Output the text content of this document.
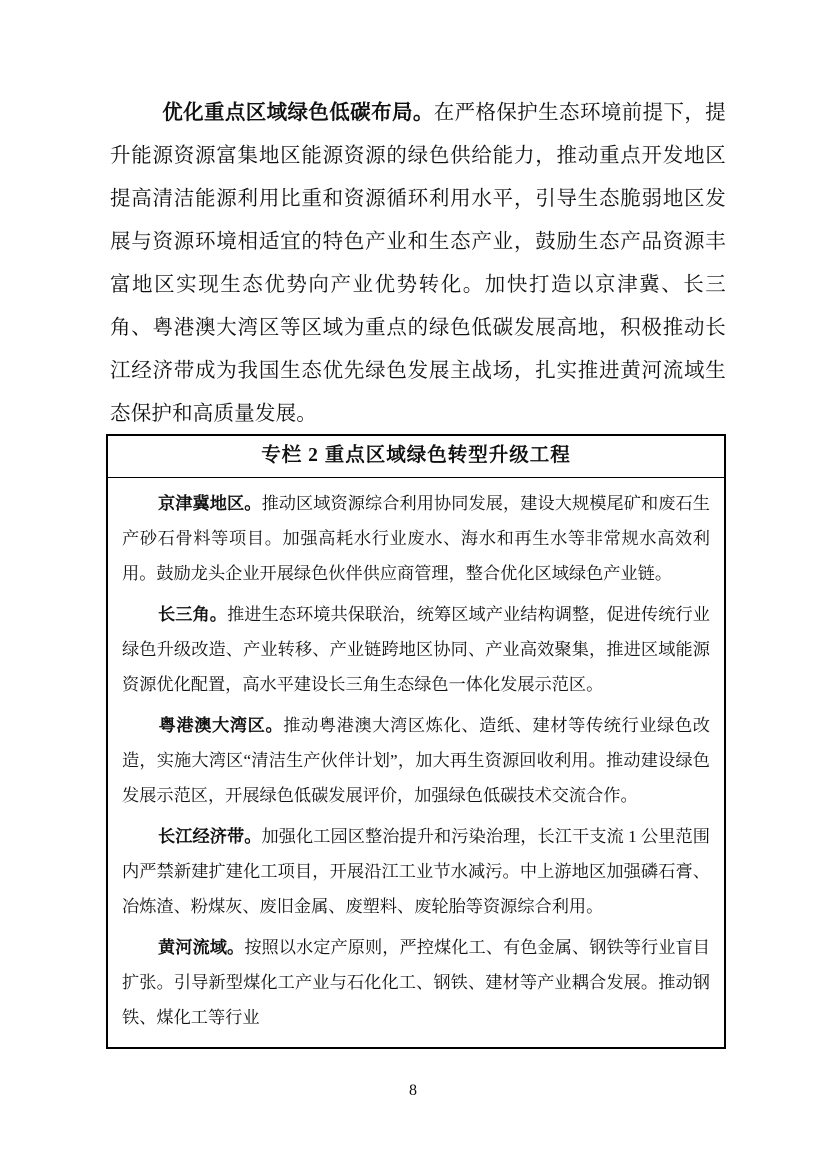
优化重点区域绿色低碳布局。在严格保护生态环境前提下，提升能源资源富集地区能源资源的绿色供给能力，推动重点开发地区提高清洁能源利用比重和资源循环利用水平，引导生态脆弱地区发展与资源环境相适宜的特色产业和生态产业，鼓励生态产品资源丰富地区实现生态优势向产业优势转化。加快打造以京津冀、长三角、粤港澳大湾区等区域为重点的绿色低碳发展高地，积极推动长江经济带成为我国生态优先绿色发展主战场，扎实推进黄河流域生态保护和高质量发展。

专栏 2 重点区域绿色转型升级工程

京津冀地区。推动区域资源综合利用协同发展，建设大规模尾矿和废石生产砂石骨料等项目。加强高耗水行业废水、海水和再生水等非常规水高效利用。鼓励龙头企业开展绿色伙伴供应商管理，整合优化区域绿色产业链。

长三角。推进生态环境共保联治，统筹区域产业结构调整，促进传统行业绿色升级改造、产业转移、产业链跨地区协同、产业高效聚集，推进区域能源资源优化配置，高水平建设长三角生态绿色一体化发展示范区。

粤港澳大湾区。推动粤港澳大湾区炼化、造纸、建材等传统行业绿色改造，实施大湾区“清洁生产伙伴计划”，加大再生资源回收利用。推动建设绿色发展示范区，开展绿色低碳发展评价，加强绿色低碳技术交流合作。

长江经济带。加强化工园区整治提升和污染治理，长江干支流 1 公里范围内严禁新建扩建化工项目，开展沿江工业节水减污。中上游地区加强磷石膏、冶炼渣、粉煤灰、废旧金属、废塑料、废轮胎等资源综合利用。

黄河流域。按照以水定产原则，严控煤化工、有色金属、钢铁等行业盲目扩张。引导新型煤化工产业与石化化工、钢铁、建材等产业耦合发展。推动钢铁、煤化工等行业

8
